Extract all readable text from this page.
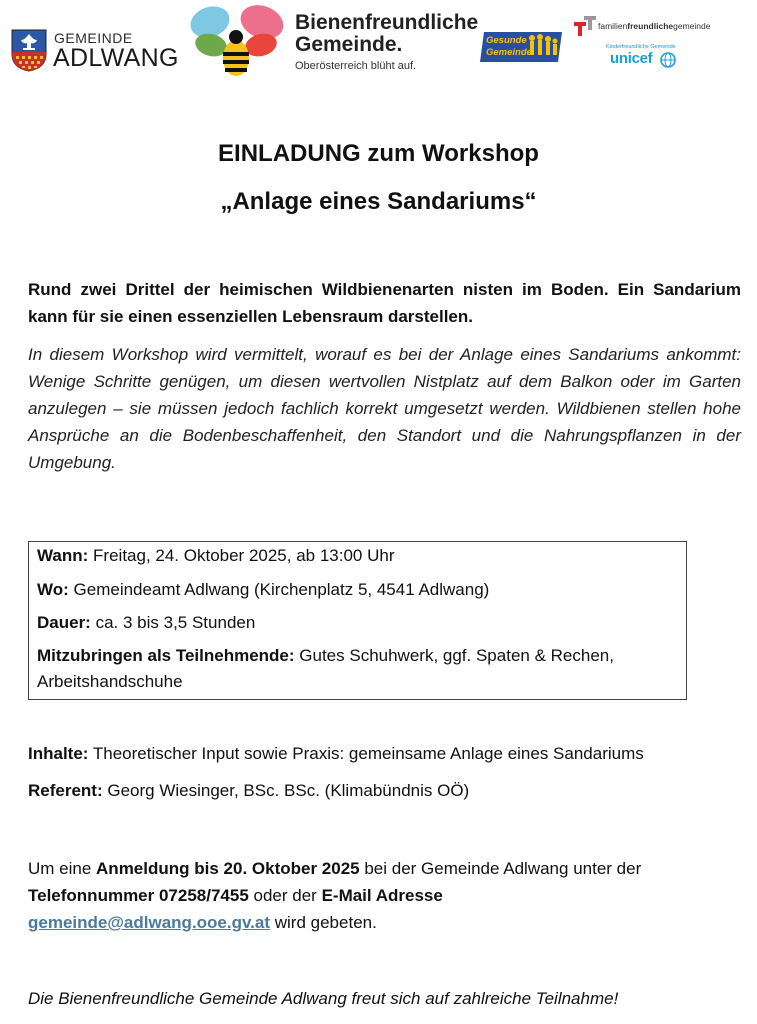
GEMEINDE
ADLWANG
Bienenfreundliche
Gemeinde.
Oberösterreich blüht auf.
Gesunde
Gemeinde
familienfreundlichegemeinde
Kinderfreundliche Gemeinde
unicef
EINLADUNG zum Workshop
„Anlage eines Sandariums“
Rund zwei Drittel der heimischen Wildbienenarten nisten im Boden. Ein Sandarium kann für sie einen essenziellen Lebensraum darstellen.
In diesem Workshop wird vermittelt, worauf es bei der Anlage eines Sandariums ankommt: Wenige Schritte genügen, um diesen wertvollen Nistplatz auf dem Balkon oder im Garten anzulegen – sie müssen jedoch fachlich korrekt umgesetzt werden. Wildbienen stellen hohe Ansprüche an die Bodenbeschaffenheit, den Standort und die Nahrungspflanzen in der Umgebung.
Wann: Freitag, 24. Oktober 2025, ab 13:00 Uhr
Wo: Gemeindeamt Adlwang (Kirchenplatz 5, 4541 Adlwang)
Dauer: ca. 3 bis 3,5 Stunden
Mitzubringen als Teilnehmende: Gutes Schuhwerk, ggf. Spaten & Rechen, Arbeitshandschuhe
Inhalte: Theoretischer Input sowie Praxis: gemeinsame Anlage eines Sandariums
Referent: Georg Wiesinger, BSc. BSc. (Klimabündnis OÖ)
Um eine Anmeldung bis 20. Oktober 2025 bei der Gemeinde Adlwang unter der
Telefonnummer 07258/7455 oder der E-Mail Adresse
gemeinde@adlwang.ooe.gv.at wird gebeten.
Die Bienenfreundliche Gemeinde Adlwang freut sich auf zahlreiche Teilnahme!
